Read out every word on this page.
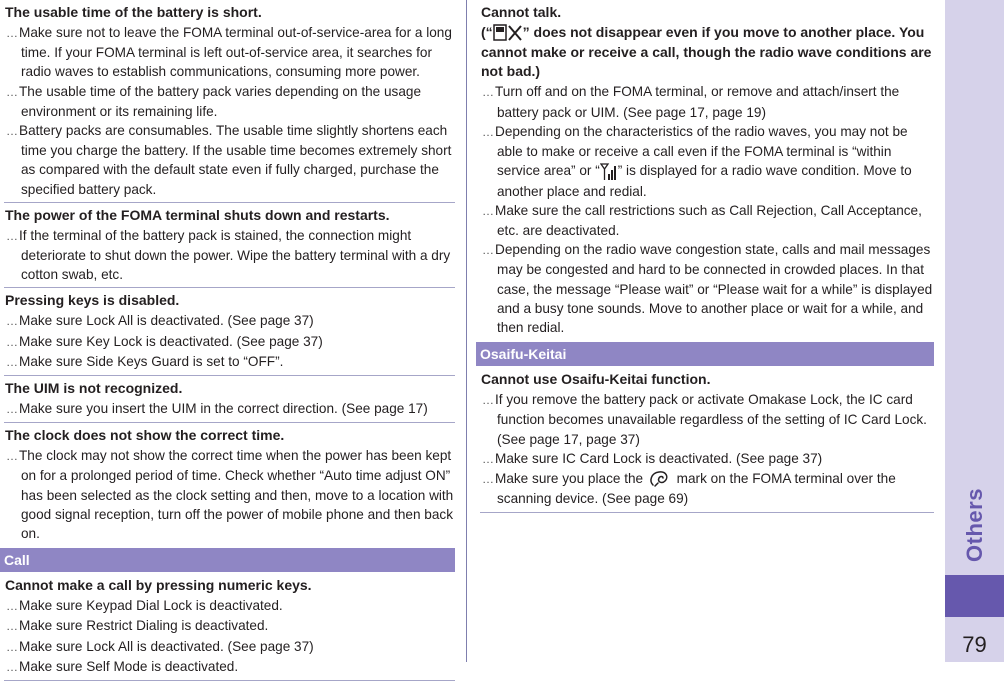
The usable time of the battery is short.

… Make sure not to leave the FOMA terminal out-of-service-area for a long time. If your FOMA terminal is left out-of-service area, it searches for radio waves to establish communications, consuming more power.

… The usable time of the battery pack varies depending on the usage environment or its remaining life.

… Battery packs are consumables. The usable time slightly shortens each time you charge the battery. If the usable time becomes extremely short as compared with the default state even if fully charged, purchase the specified battery pack.

The power of the FOMA terminal shuts down and restarts.

… If the terminal of the battery pack is stained, the connection might deteriorate to shut down the power. Wipe the battery terminal with a dry cotton swab, etc.

Pressing keys is disabled.

… Make sure Lock All is deactivated. (See page 37)

… Make sure Key Lock is deactivated. (See page 37)

… Make sure Side Keys Guard is set to “OFF”.

The UIM is not recognized.

… Make sure you insert the UIM in the correct direction. (See page 17)

The clock does not show the correct time.

… The clock may not show the correct time when the power has been kept on for a prolonged period of time. Check whether “Auto time adjust ON” has been selected as the clock setting and then, move to a location with good signal reception, turn off the power of mobile phone and then back on.

Call
Cannot make a call by pressing numeric keys.

… Make sure Keypad Dial Lock is deactivated.

… Make sure Restrict Dialing is deactivated.

… Make sure Lock All is deactivated. (See page 37)

… Make sure Self Mode is deactivated.

Cannot talk.
(“ ” does not disappear even if you move to another place. You cannot make or receive a call, though the radio wave conditions are not bad.)

… Turn off and on the FOMA terminal, or remove and attach/insert the battery pack or UIM. (See page 17, page 19)

… Depending on the characteristics of the radio waves, you may not be able to make or receive a call even if the FOMA terminal is “within service area” or “ ” is displayed for a radio wave condition. Move to another place and redial.

… Make sure the call restrictions such as Call Rejection, Call Acceptance, etc. are deactivated.

… Depending on the radio wave congestion state, calls and mail messages may be congested and hard to be connected in crowded places. In that case, the message “Please wait” or “Please wait for a while” is displayed and a busy tone sounds. Move to another place or wait for a while, and then redial.

Osaifu-Keitai
Cannot use Osaifu-Keitai function.

… If you remove the battery pack or activate Omakase Lock, the IC card function becomes unavailable regardless of the setting of IC Card Lock. (See page 17, page 37)

… Make sure IC Card Lock is deactivated. (See page 37)

… Make sure you place the  mark on the FOMA terminal over the scanning device. (See page 69)	Others
79
